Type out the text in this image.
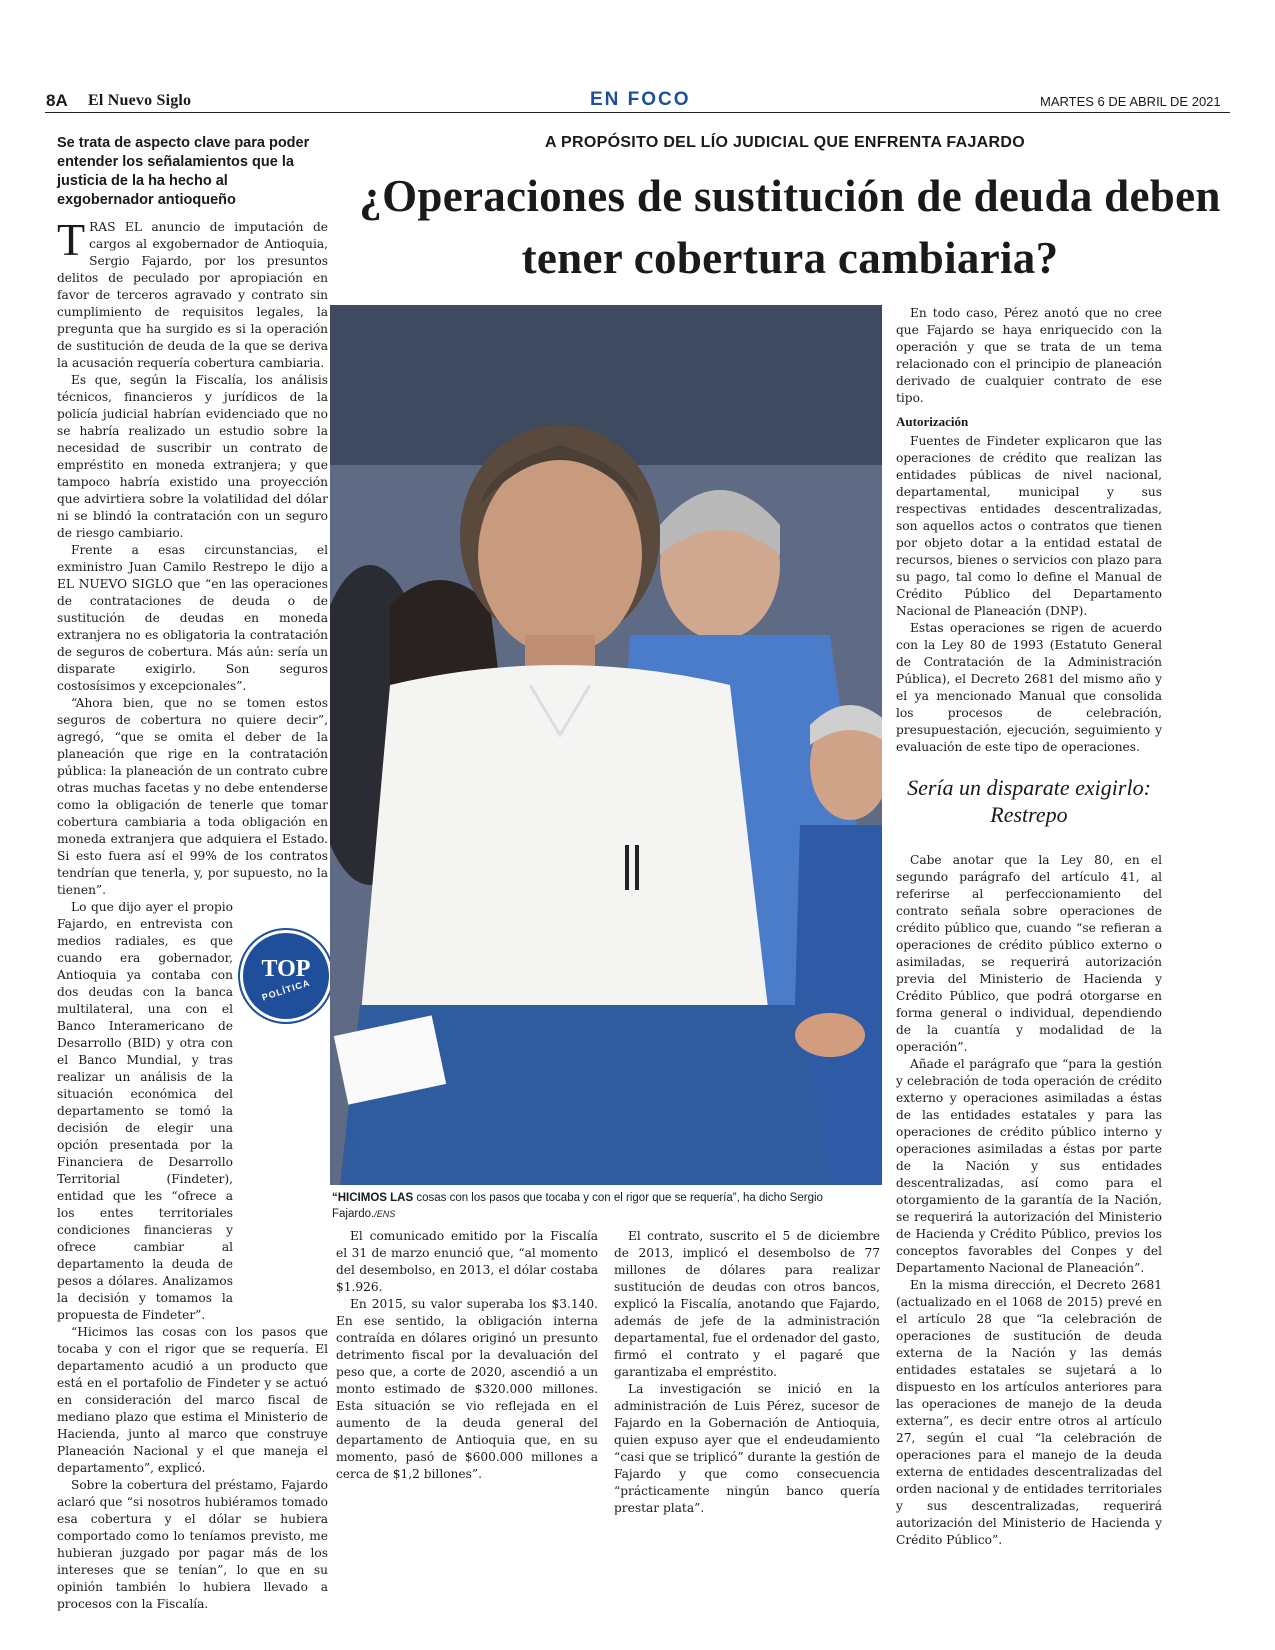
8A El Nuevo Siglo	EN FOCO	MARTES 6 DE ABRIL DE 2021
A PROPÓSITO DEL LÍO JUDICIAL QUE ENFRENTA FAJARDO
¿Operaciones de sustitución de deuda deben tener cobertura cambiaria?
Se trata de aspecto clave para poder entender los señalamientos que la justicia de la ha hecho al exgobernador antioqueño

TRAS EL anuncio de imputación de cargos al exgobernador de Antioquia, Sergio Fajardo, por los presuntos delitos de peculado por apropiación en favor de terceros agravado y contrato sin cumplimiento de requisitos legales, la pregunta que ha surgido es si la operación de sustitución de deuda de la que se deriva la acusación requería cobertura cambiaria.

Es que, según la Fiscalía, los análisis técnicos, financieros y jurídicos de la policía judicial habrían evidenciado que no se habría realizado un estudio sobre la necesidad de suscribir un contrato de empréstito en moneda extranjera; y que tampoco habría existido una proyección que advirtiera sobre la volatilidad del dólar ni se blindó la contratación con un seguro de riesgo cambiario.

Frente a esas circunstancias, el exministro Juan Camilo Restrepo le dijo a EL NUEVO SIGLO que “en las operaciones de contrataciones de deuda o de sustitución de deudas en moneda extranjera no es obligatoria la contratación de seguros de cobertura. Más aún: sería un disparate exigirlo. Son seguros costosísimos y excepcionales”.

“Ahora bien, que no se tomen estos seguros de cobertura no quiere decir”, agregó, “que se omita el deber de la planeación que rige en la contratación pública: la planeación de un contrato cubre otras muchas facetas y no debe entenderse como la obligación de tenerle que tomar cobertura cambiaria a toda obligación en moneda extranjera que adquiera el Estado. Si esto fuera así el 99% de los contratos tendrían que tenerla, y, por supuesto, no la tienen”.

Lo que dijo ayer el propio Fajardo, en entrevista con medios radiales, es que cuando era gobernador, Antioquia ya contaba con dos deudas con la banca multilateral, una con el Banco Interamericano de Desarrollo (BID) y otra con el Banco Mundial, y tras realizar un análisis de la situación económica del departamento se tomó la decisión de elegir una opción presentada por la Financiera de Desarrollo Territorial (Findeter), entidad que les “ofrece a los entes territoriales condiciones financieras y ofrece cambiar al departamento la deuda de pesos a dólares. Analizamos la decisión y tomamos la propuesta de Findeter”.

“Hicimos las cosas con los pasos que tocaba y con el rigor que se requería. El departamento acudió a un producto que está en el portafolio de Findeter y se actuó en consideración del marco fiscal de mediano plazo que estima el Ministerio de Hacienda, junto al marco que construye Planeación Nacional y el que maneja el departamento”, explicó.

Sobre la cobertura del préstamo, Fajardo aclaró que “si nosotros hubiéramos tomado esa cobertura y el dólar se hubiera comportado como lo teníamos previsto, me hubieran juzgado por pagar más de los intereses que se tenían”, lo que en su opinión también lo hubiera llevado a procesos con la Fiscalía.

TOP
POLÍTICA
“HICIMOS LAS cosas con los pasos que tocaba y con el rigor que se requería”, ha dicho Sergio Fajardo./ENS

El comunicado emitido por la Fiscalía el 31 de marzo enunció que, “al momento del desembolso, en 2013, el dólar costaba $1.926.

En 2015, su valor superaba los $3.140. En ese sentido, la obligación interna contraída en dólares originó un presunto detrimento fiscal por la devaluación del peso que, a corte de 2020, ascendió a un monto estimado de $320.000 millones. Esta situación se vio reflejada en el aumento de la deuda general del departamento de Antioquia que, en su momento, pasó de $600.000 millones a cerca de $1,2 billones”.

El contrato, suscrito el 5 de diciembre de 2013, implicó el desembolso de 77 millones de dólares para realizar sustitución de deudas con otros bancos, explicó la Fiscalía, anotando que Fajardo, además de jefe de la administración departamental, fue el ordenador del gasto, firmó el contrato y el pagaré que garantizaba el empréstito.

La investigación se inició en la administración de Luis Pérez, sucesor de Fajardo en la Gobernación de Antioquia, quien expuso ayer que el endeudamiento “casi que se triplicó” durante la gestión de Fajardo y que como consecuencia “prácticamente ningún banco quería prestar plata”.

En todo caso, Pérez anotó que no cree que Fajardo se haya enriquecido con la operación y que se trata de un tema relacionado con el principio de planeación derivado de cualquier contrato de ese tipo.

Autorización

Fuentes de Findeter explicaron que las operaciones de crédito que realizan las entidades públicas de nivel nacional, departamental, municipal y sus respectivas entidades descentralizadas, son aquellos actos o contratos que tienen por objeto dotar a la entidad estatal de recursos, bienes o servicios con plazo para su pago, tal como lo define el Manual de Crédito Público del Departamento Nacional de Planeación (DNP).

Estas operaciones se rigen de acuerdo con la Ley 80 de 1993 (Estatuto General de Contratación de la Administración Pública), el Decreto 2681 del mismo año y el ya mencionado Manual que consolida los procesos de celebración, presupuestación, ejecución, seguimiento y evaluación de este tipo de operaciones.

Sería un disparate exigirlo: Restrepo

Cabe anotar que la Ley 80, en el segundo parágrafo del artículo 41, al referirse al perfeccionamiento del contrato señala sobre operaciones de crédito público que, cuando “se refieran a operaciones de crédito público externo o asimiladas, se requerirá autorización previa del Ministerio de Hacienda y Crédito Público, que podrá otorgarse en forma general o individual, dependiendo de la cuantía y modalidad de la operación”.

Añade el parágrafo que “para la gestión y celebración de toda operación de crédito externo y operaciones asimiladas a éstas de las entidades estatales y para las operaciones de crédito público interno y operaciones asimiladas a éstas por parte de la Nación y sus entidades descentralizadas, así como para el otorgamiento de la garantía de la Nación, se requerirá la autorización del Ministerio de Hacienda y Crédito Público, previos los conceptos favorables del Conpes y del Departamento Nacional de Planeación”.

En la misma dirección, el Decreto 2681 (actualizado en el 1068 de 2015) prevé en el artículo 28 que “la celebración de operaciones de sustitución de deuda externa de la Nación y las demás entidades estatales se sujetará a lo dispuesto en los artículos anteriores para las operaciones de manejo de la deuda externa”, es decir entre otros al artículo 27, según el cual “la celebración de operaciones para el manejo de la deuda externa de entidades descentralizadas del orden nacional y de entidades territoriales y sus descentralizadas, requerirá autorización del Ministerio de Hacienda y Crédito Público”.
